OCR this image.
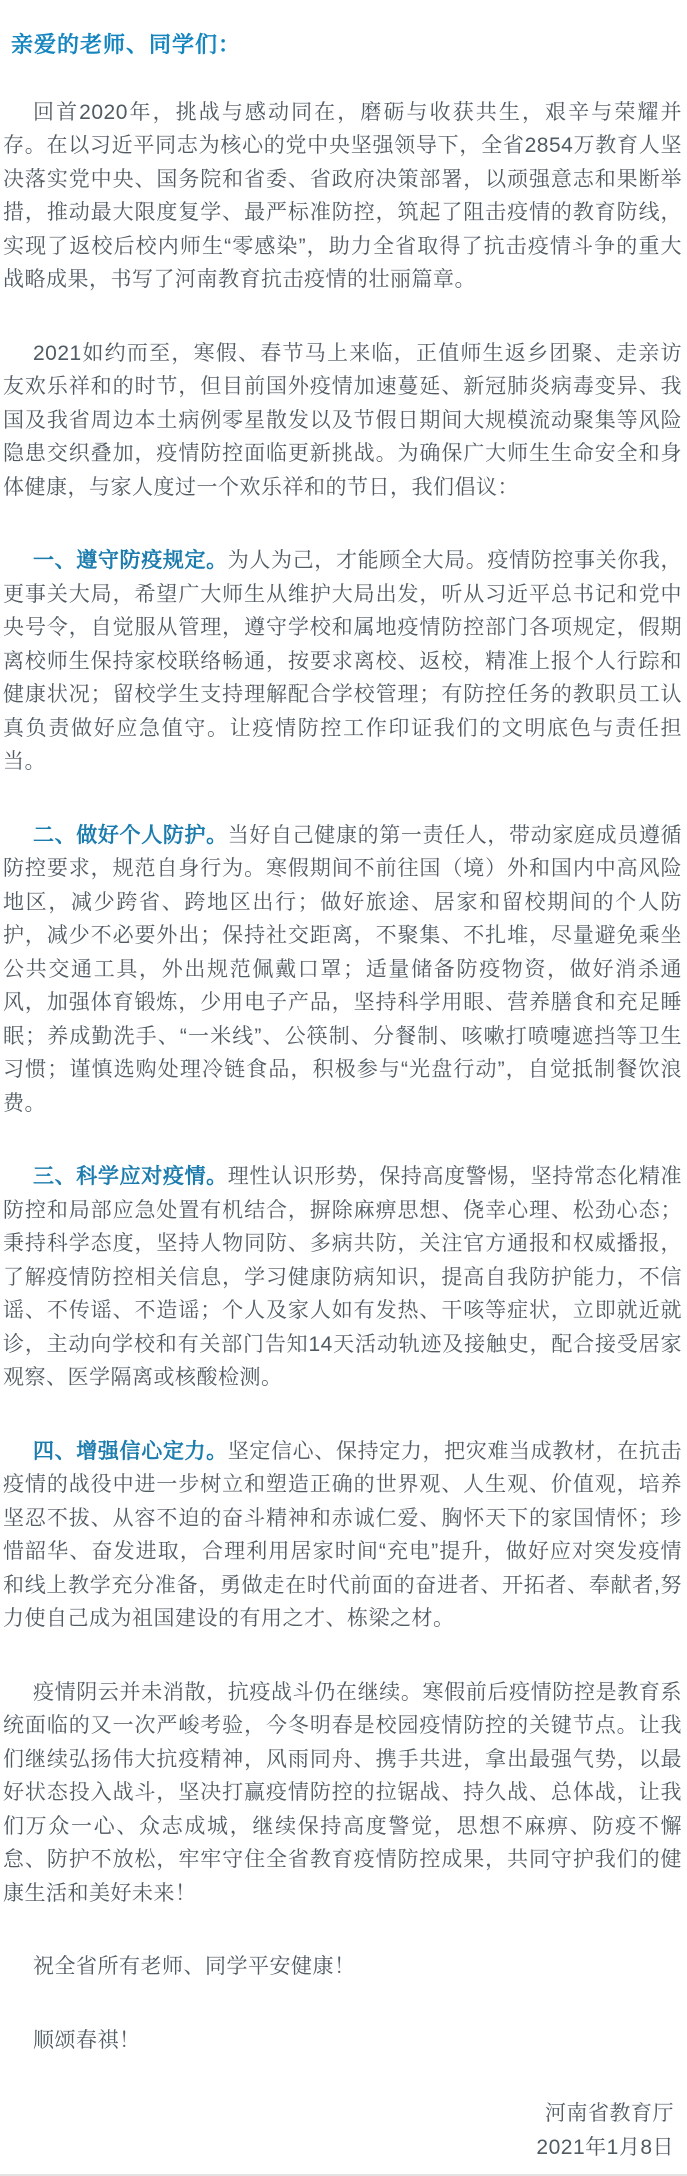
亲爱的老师、同学们：

回首2020年，挑战与感动同在，磨砺与收获共生，艰辛与荣耀并存。在以习近平同志为核心的党中央坚强领导下，全省2854万教育人坚决落实党中央、国务院和省委、省政府决策部署，以顽强意志和果断举措，推动最大限度复学、最严标准防控，筑起了阻击疫情的教育防线，实现了返校后校内师生“零感染”，助力全省取得了抗击疫情斗争的重大战略成果，书写了河南教育抗击疫情的壮丽篇章。

2021如约而至，寒假、春节马上来临，正值师生返乡团聚、走亲访友欢乐祥和的时节，但目前国外疫情加速蔓延、新冠肺炎病毒变异、我国及我省周边本土病例零星散发以及节假日期间大规模流动聚集等风险隐患交织叠加，疫情防控面临更新挑战。为确保广大师生生命安全和身体健康，与家人度过一个欢乐祥和的节日，我们倡议：

一、遵守防疫规定。为人为己，才能顾全大局。疫情防控事关你我，更事关大局，希望广大师生从维护大局出发，听从习近平总书记和党中央号令，自觉服从管理，遵守学校和属地疫情防控部门各项规定，假期离校师生保持家校联络畅通，按要求离校、返校，精准上报个人行踪和健康状况；留校学生支持理解配合学校管理；有防控任务的教职员工认真负责做好应急值守。让疫情防控工作印证我们的文明底色与责任担当。

二、做好个人防护。当好自己健康的第一责任人，带动家庭成员遵循防控要求，规范自身行为。寒假期间不前往国（境）外和国内中高风险地区，减少跨省、跨地区出行；做好旅途、居家和留校期间的个人防护，减少不必要外出；保持社交距离，不聚集、不扎堆，尽量避免乘坐公共交通工具，外出规范佩戴口罩；适量储备防疫物资，做好消杀通风，加强体育锻炼，少用电子产品，坚持科学用眼、营养膳食和充足睡眠；养成勤洗手、“一米线”、公筷制、分餐制、咳嗽打喷嚏遮挡等卫生习惯；谨慎选购处理冷链食品，积极参与“光盘行动”，自觉抵制餐饮浪费。

三、科学应对疫情。理性认识形势，保持高度警惕，坚持常态化精准防控和局部应急处置有机结合，摒除麻痹思想、侥幸心理、松劲心态；秉持科学态度，坚持人物同防、多病共防，关注官方通报和权威播报，了解疫情防控相关信息，学习健康防病知识，提高自我防护能力，不信谣、不传谣、不造谣；个人及家人如有发热、干咳等症状，立即就近就诊，主动向学校和有关部门告知14天活动轨迹及接触史，配合接受居家观察、医学隔离或核酸检测。

四、增强信心定力。坚定信心、保持定力，把灾难当成教材，在抗击疫情的战役中进一步树立和塑造正确的世界观、人生观、价值观，培养坚忍不拔、从容不迫的奋斗精神和赤诚仁爱、胸怀天下的家国情怀；珍惜韶华、奋发进取，合理利用居家时间“充电”提升，做好应对突发疫情和线上教学充分准备，勇做走在时代前面的奋进者、开拓者、奉献者,努力使自己成为祖国建设的有用之才、栋梁之材。

疫情阴云并未消散，抗疫战斗仍在继续。寒假前后疫情防控是教育系统面临的又一次严峻考验，今冬明春是校园疫情防控的关键节点。让我们继续弘扬伟大抗疫精神，风雨同舟、携手共进，拿出最强气势，以最好状态投入战斗，坚决打赢疫情防控的拉锯战、持久战、总体战，让我们万众一心、众志成城，继续保持高度警觉，思想不麻痹、防疫不懈怠、防护不放松，牢牢守住全省教育疫情防控成果，共同守护我们的健康生活和美好未来！

祝全省所有老师、同学平安健康！

顺颂春祺！

河南省教育厅
2021年1月8日
